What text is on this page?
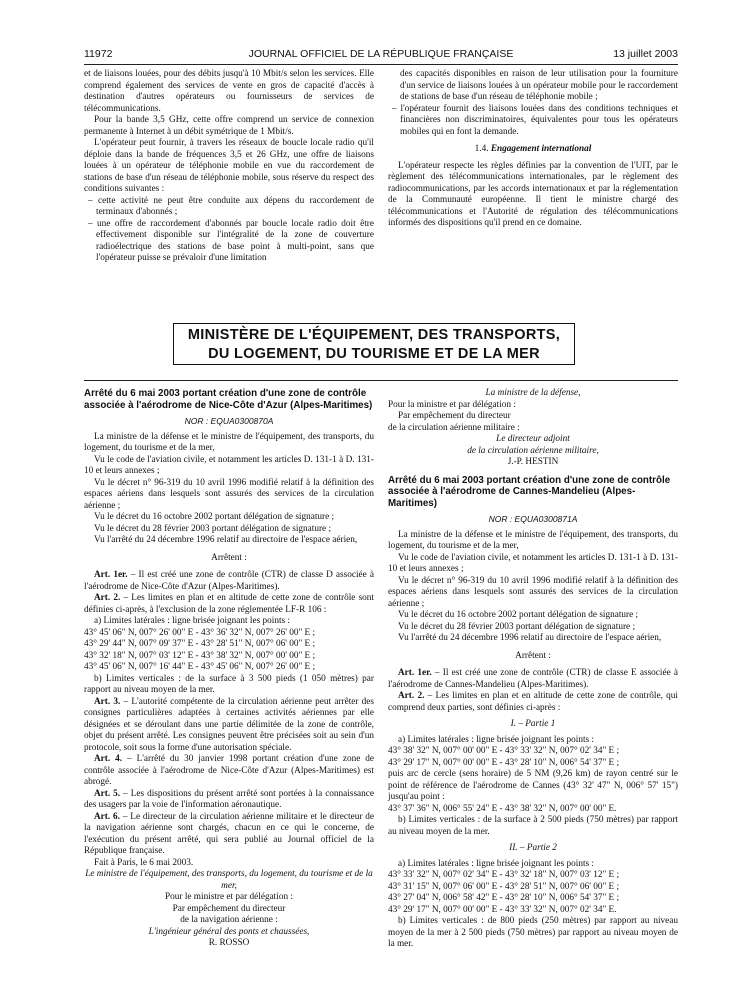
11972	JOURNAL OFFICIEL DE LA RÉPUBLIQUE FRANÇAISE	13 juillet 2003

et de liaisons louées, pour des débits jusqu'à 10 Mbit/s selon les services. Elle comprend également des services de vente en gros de capacité d'accès à destination d'autres opérateurs ou fournisseurs de services de télécommunications.

Pour la bande 3,5 GHz, cette offre comprend un service de connexion permanente à Internet à un débit symétrique de 1 Mbit/s.

L'opérateur peut fournir, à travers les réseaux de boucle locale radio qu'il déploie dans la bande de fréquences 3,5 et 26 GHz, une offre de liaisons louées à un opérateur de téléphonie mobile en vue du raccordement de stations de base d'un réseau de téléphonie mobile, sous réserve du respect des conditions suivantes :

– cette activité ne peut être conduite aux dépens du raccordement de terminaux d'abonnés ;

– une offre de raccordement d'abonnés par boucle locale radio doit être effectivement disponible sur l'intégralité de la zone de couverture radioélectrique des stations de base point à multi-point, sans que l'opérateur puisse se prévaloir d'une limitation

des capacités disponibles en raison de leur utilisation pour la fourniture d'un service de liaisons louées à un opérateur mobile pour le raccordement de stations de base d'un réseau de téléphonie mobile ;

– l'opérateur fournit des liaisons louées dans des conditions techniques et financières non discriminatoires, équivalentes pour tous les opérateurs mobiles qui en font la demande.

1.4. Engagement international

L'opérateur respecte les règles définies par la convention de l'UIT, par le règlement des télécommunications internationales, par le règlement des radiocommunications, par les accords internationaux et par la réglementation de la Communauté européenne. Il tient le ministre chargé des télécommunications et l'Autorité de régulation des télécommunications informés des dispositions qu'il prend en ce domaine.

MINISTÈRE DE L'ÉQUIPEMENT, DES TRANSPORTS,
DU LOGEMENT, DU TOURISME ET DE LA MER

Arrêté du 6 mai 2003 portant création d'une zone de contrôle associée à l'aérodrome de Nice-Côte d'Azur (Alpes-Maritimes)

NOR : EQUA0300870A

La ministre de la défense et le ministre de l'équipement, des transports, du logement, du tourisme et de la mer,

Vu le code de l'aviation civile, et notamment les articles D. 131-1 à D. 131-10 et leurs annexes ;

Vu le décret n° 96-319 du 10 avril 1996 modifié relatif à la définition des espaces aériens dans lesquels sont assurés des services de la circulation aérienne ;

Vu le décret du 16 octobre 2002 portant délégation de signature ;

Vu le décret du 28 février 2003 portant délégation de signature ;

Vu l'arrêté du 24 décembre 1996 relatif au directoire de l'espace aérien,

Arrêtent :

Art. 1er. – Il est créé une zone de contrôle (CTR) de classe D associée à l'aérodrome de Nice-Côte d'Azur (Alpes-Maritimes).

Art. 2. – Les limites en plan et en altitude de cette zone de contrôle sont définies ci-après, à l'exclusion de la zone réglementée LF-R 106 :

a) Limites latérales : ligne brisée joignant les points :

43° 45' 06" N, 007° 26' 00" E - 43° 36' 32" N, 007° 26' 00" E ;

43° 29' 44" N, 007° 09' 37" E - 43° 28' 51" N, 007° 06' 00" E ;

43° 32' 18" N, 007° 03' 12" E - 43° 38' 32" N, 007° 00' 00" E ;

43° 45' 06" N, 007° 16' 44" E - 43° 45' 06" N, 007° 26' 00" E ;

b) Limites verticales : de la surface à 3 500 pieds (1 050 mètres) par rapport au niveau moyen de la mer.

Art. 3. – L'autorité compétente de la circulation aérienne peut arrêter des consignes particulières adaptées à certaines activités aériennes par elle désignées et se déroulant dans une partie délimitée de la zone de contrôle, objet du présent arrêté. Les consignes peuvent être précisées soit au sein d'un protocole, soit sous la forme d'une autorisation spéciale.

Art. 4. – L'arrêté du 30 janvier 1998 portant création d'une zone de contrôle associée à l'aérodrome de Nice-Côte d'Azur (Alpes-Maritimes) est abrogé.

Art. 5. – Les dispositions du présent arrêté sont portées à la connaissance des usagers par la voie de l'information aéronautique.

Art. 6. – Le directeur de la circulation aérienne militaire et le directeur de la navigation aérienne sont chargés, chacun en ce qui le concerne, de l'exécution du présent arrêté, qui sera publié au Journal officiel de la République française.

Fait à Paris, le 6 mai 2003.

Le ministre de l'équipement, des transports, du logement, du tourisme et de la mer,

Pour le ministre et par délégation :

Par empêchement du directeur

de la navigation aérienne :

L'ingénieur général des ponts et chaussées,

R. ROSSO

La ministre de la défense,

Pour la ministre et par délégation :

Par empêchement du directeur

de la circulation aérienne militaire :

Le directeur adjoint

de la circulation aérienne militaire,

J.-P. HESTIN

Arrêté du 6 mai 2003 portant création d'une zone de contrôle associée à l'aérodrome de Cannes-Mandelieu (Alpes-Maritimes)

NOR : EQUA0300871A

La ministre de la défense et le ministre de l'équipement, des transports, du logement, du tourisme et de la mer,

Vu le code de l'aviation civile, et notamment les articles D. 131-1 à D. 131-10 et leurs annexes ;

Vu le décret n° 96-319 du 10 avril 1996 modifié relatif à la définition des espaces aériens dans lesquels sont assurés des services de la circulation aérienne ;

Vu le décret du 16 octobre 2002 portant délégation de signature ;

Vu le décret du 28 février 2003 portant délégation de signature ;

Vu l'arrêté du 24 décembre 1996 relatif au directoire de l'espace aérien,

Arrêtent :

Art. 1er. – Il est créé une zone de contrôle (CTR) de classe E associée à l'aérodrome de Cannes-Mandelieu (Alpes-Maritimes).

Art. 2. – Les limites en plan et en altitude de cette zone de contrôle, qui comprend deux parties, sont définies ci-après :

I. – Partie 1

a) Limites latérales : ligne brisée joignant les points :

43° 38' 32" N, 007° 00' 00" E - 43° 33' 32" N, 007° 02' 34" E ;

43° 29' 17" N, 007° 00' 00" E - 43° 28' 10" N, 006° 54' 37" E ;

puis arc de cercle (sens horaire) de 5 NM (9,26 km) de rayon centré sur le point de référence de l'aérodrome de Cannes (43° 32' 47" N, 006° 57' 15") jusqu'au point :

43° 37' 36" N, 006° 55' 24" E - 43° 38' 32" N, 007° 00' 00" E.

b) Limites verticales : de la surface à 2 500 pieds (750 mètres) par rapport au niveau moyen de la mer.

II. – Partie 2

a) Limites latérales : ligne brisée joignant les points :

43° 33' 32" N, 007° 02' 34" E - 43° 32' 18" N, 007° 03' 12" E ;

43° 31' 15" N, 007° 06' 00" E - 43° 28' 51" N, 007° 06' 00" E ;

43° 27' 04" N, 006° 58' 42" E - 43° 28' 10" N, 006° 54' 37" E ;

43° 29' 17" N, 007° 00' 00" E - 43° 33' 32" N, 007° 02' 34" E.

b) Limites verticales : de 800 pieds (250 mètres) par rapport au niveau moyen de la mer à 2 500 pieds (750 mètres) par rapport au niveau moyen de la mer.
